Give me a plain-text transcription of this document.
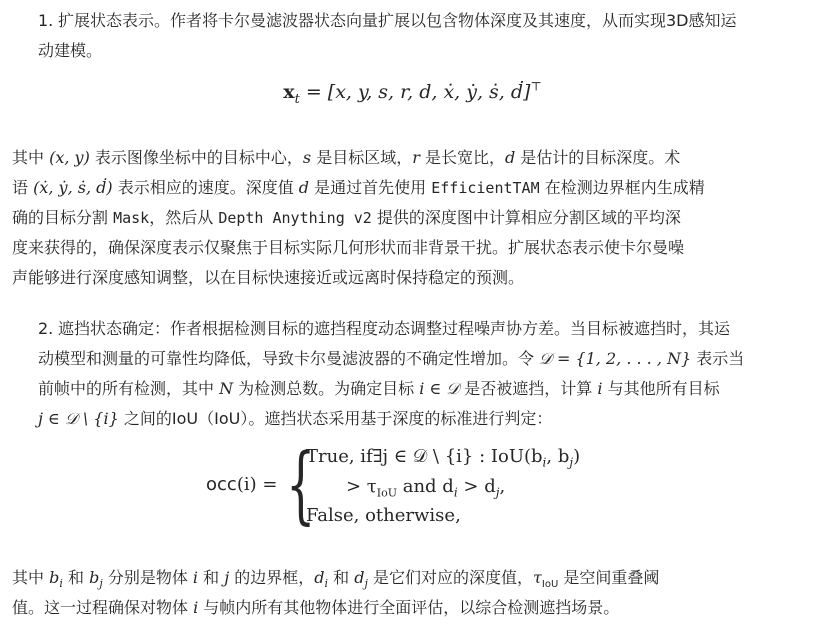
1. 扩展状态表示。作者将卡尔曼滤波器状态向量扩展以包含物体深度及其速度，从而实现3D感知运
动建模。
$x_t = [x$, y, s, r, d, ẋ, ẏ, ṡ, ḋ]⊤
其中 (x, y) 表示图像坐标中的目标中心，s 是目标区域，r 是长宽比，d 是估计的目标深度。术
语 (ẋ, ẏ, ṡ, ḋ) 表示相应的速度。深度值 d 是通过首先使用 EfficientTAM 在检测边界框内生成精
确的目标分割 Mask，然后从 Depth Anything v2 提供的深度图中计算相应分割区域的平均深
度来获得的，确保深度表示仅聚焦于目标实际几何形状而非背景干扰。扩展状态表示使卡尔曼噪
声能够进行深度感知调整，以在目标快速接近或远离时保持稳定的预测。
2. 遮挡状态确定：作者根据检测目标的遮挡程度动态调整过程噪声协方差。当目标被遮挡时，其运
动模型和测量的可靠性均降低，导致卡尔曼滤波器的不确定性增加。令 𝒟 = {1, 2, . . . , N} 表示当
前帧中的所有检测，其中 N 为检测总数。为确定目标 i ∈ 𝒟 是否被遮挡，计算 i 与其他所有目标
j ∈ 𝒟 \ {i} 之间的IoU（IoU）。遮挡状态采用基于深度的标准进行判定：
occ(i) = {
True, if∃j ∈ 𝒟 \ {i} : $IoU(b_i$, $b_j$)
> $\tau_{IoU}$ and $d_i > d_j$,
False, otherwise,
其中 $b_i$ 和 $b_j$ 分别是物体 i 和 j 的边界框，$d_i$ 和 $d_j$ 是它们对应的深度值，$\tau_{IoU}$ 是空间重叠阈
值。这一过程确保对物体 i 与帧内所有其他物体进行全面评估，以综合检测遮挡场景。
